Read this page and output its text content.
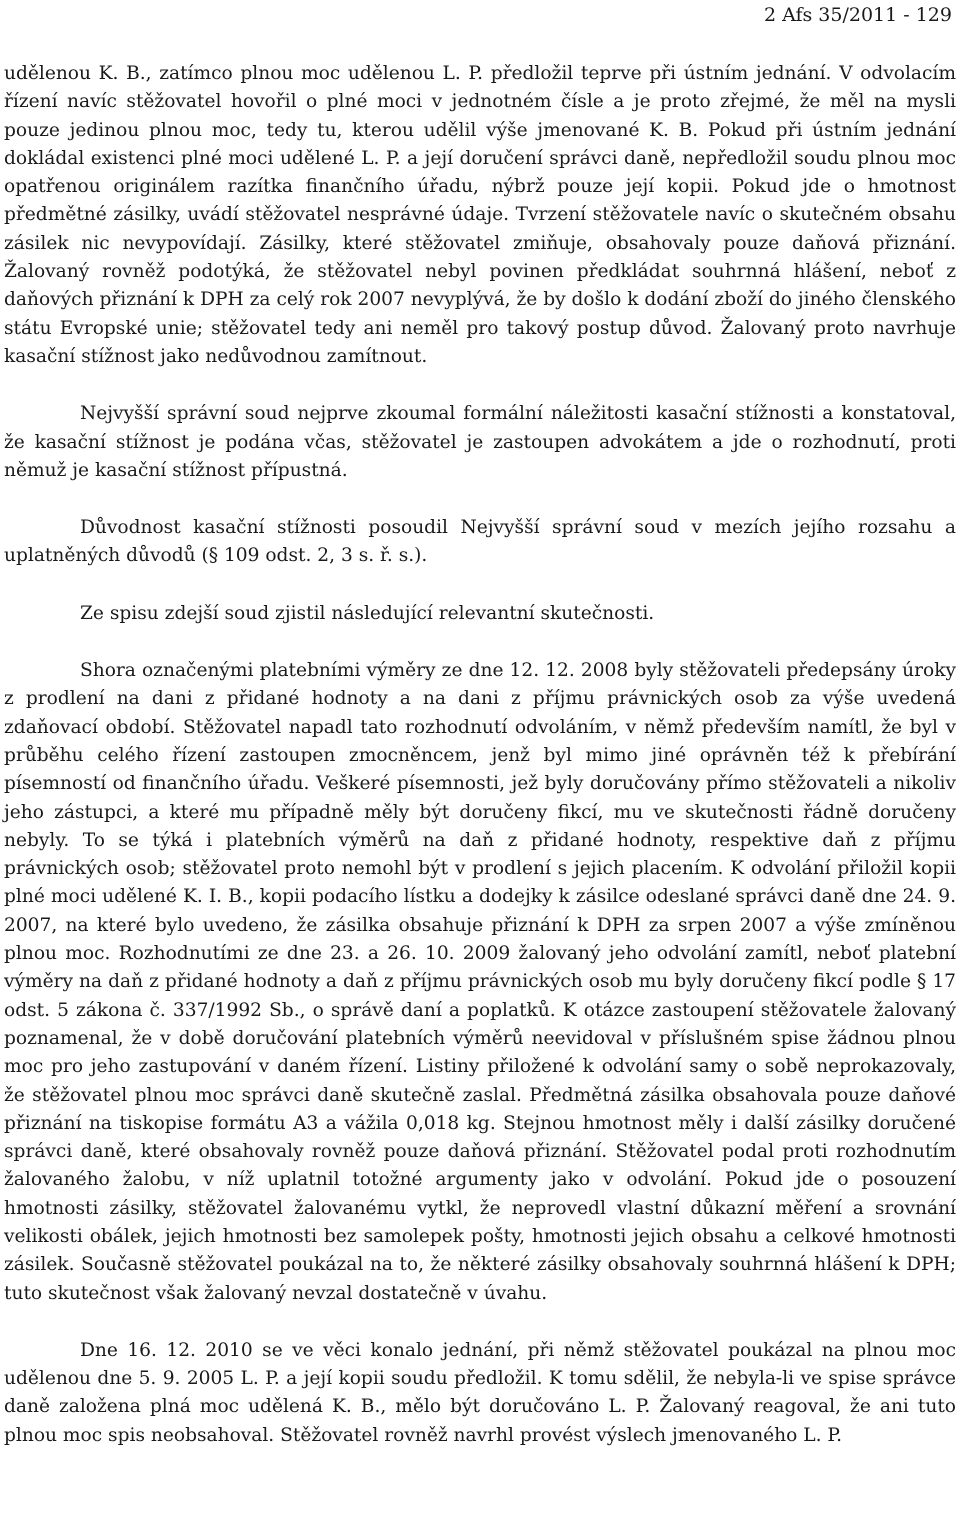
2 Afs 35/2011 - 129

udělenou K. B., zatímco plnou moc udělenou L. P. předložil teprve při ústním jednání. V odvolacím řízení navíc stěžovatel hovořil o plné moci v jednotném čísle a je proto zřejmé, že měl na mysli pouze jedinou plnou moc, tedy tu, kterou udělil výše jmenované K. B. Pokud při ústním jednání dokládal existenci plné moci udělené L. P. a její doručení správci daně, nepředložil soudu plnou moc opatřenou originálem razítka finančního úřadu, nýbrž pouze její kopii. Pokud jde o hmotnost předmětné zásilky, uvádí stěžovatel nesprávné údaje. Tvrzení stěžovatele navíc o skutečném obsahu zásilek nic nevypovídají. Zásilky, které stěžovatel zmiňuje, obsahovaly pouze daňová přiznání. Žalovaný rovněž podotýká, že stěžovatel nebyl povinen předkládat souhrnná hlášení, neboť z daňových přiznání k DPH za celý rok 2007 nevyplývá, že by došlo k dodání zboží do jiného členského státu Evropské unie; stěžovatel tedy ani neměl pro takový postup důvod. Žalovaný proto navrhuje kasační stížnost jako nedůvodnou zamítnout.

Nejvyšší správní soud nejprve zkoumal formální náležitosti kasační stížnosti a konstatoval, že kasační stížnost je podána včas, stěžovatel je zastoupen advokátem a jde o rozhodnutí, proti němuž je kasační stížnost přípustná.

Důvodnost kasační stížnosti posoudil Nejvyšší správní soud v mezích jejího rozsahu a uplatněných důvodů (§ 109 odst. 2, 3 s. ř. s.).

Ze spisu zdejší soud zjistil následující relevantní skutečnosti.

Shora označenými platebními výměry ze dne 12. 12. 2008 byly stěžovateli předepsány úroky z prodlení na dani z přidané hodnoty a na dani z příjmu právnických osob za výše uvedená zdaňovací období. Stěžovatel napadl tato rozhodnutí odvoláním, v němž především namítl, že byl v průběhu celého řízení zastoupen zmocněncem, jenž byl mimo jiné oprávněn též k přebírání písemností od finančního úřadu. Veškeré písemnosti, jež byly doručovány přímo stěžovateli a nikoliv jeho zástupci, a které mu případně měly být doručeny fikcí, mu ve skutečnosti řádně doručeny nebyly. To se týká i platebních výměrů na daň z přidané hodnoty, respektive daň z příjmu právnických osob; stěžovatel proto nemohl být v prodlení s jejich placením. K odvolání přiložil kopii plné moci udělené K. I. B., kopii podacího lístku a dodejky k zásilce odeslané správci daně dne 24. 9. 2007, na které bylo uvedeno, že zásilka obsahuje přiznání k DPH za srpen 2007 a výše zmíněnou plnou moc. Rozhodnutími ze dne 23. a 26. 10. 2009 žalovaný jeho odvolání zamítl, neboť platební výměry na daň z přidané hodnoty a daň z příjmu právnických osob mu byly doručeny fikcí podle § 17 odst. 5 zákona č. 337/1992 Sb., o správě daní a poplatků. K otázce zastoupení stěžovatele žalovaný poznamenal, že v době doručování platebních výměrů neevidoval v příslušném spise žádnou plnou moc pro jeho zastupování v daném řízení. Listiny přiložené k odvolání samy o sobě neprokazovaly, že stěžovatel plnou moc správci daně skutečně zaslal. Předmětná zásilka obsahovala pouze daňové přiznání na tiskopise formátu A3 a vážila 0,018 kg. Stejnou hmotnost měly i další zásilky doručené správci daně, které obsahovaly rovněž pouze daňová přiznání. Stěžovatel podal proti rozhodnutím žalovaného žalobu, v níž uplatnil totožné argumenty jako v odvolání. Pokud jde o posouzení hmotnosti zásilky, stěžovatel žalovanému vytkl, že neprovedl vlastní důkazní měření a srovnání velikosti obálek, jejich hmotnosti bez samolepek pošty, hmotnosti jejich obsahu a celkové hmotnosti zásilek. Současně stěžovatel poukázal na to, že některé zásilky obsahovaly souhrnná hlášení k DPH; tuto skutečnost však žalovaný nevzal dostatečně v úvahu.

Dne 16. 12. 2010 se ve věci konalo jednání, při němž stěžovatel poukázal na plnou moc udělenou dne 5. 9. 2005 L. P. a její kopii soudu předložil. K tomu sdělil, že nebyla-li ve spise správce daně založena plná moc udělená K. B., mělo být doručováno L. P. Žalovaný reagoval, že ani tuto plnou moc spis neobsahoval. Stěžovatel rovněž navrhl provést výslech jmenovaného L. P.
